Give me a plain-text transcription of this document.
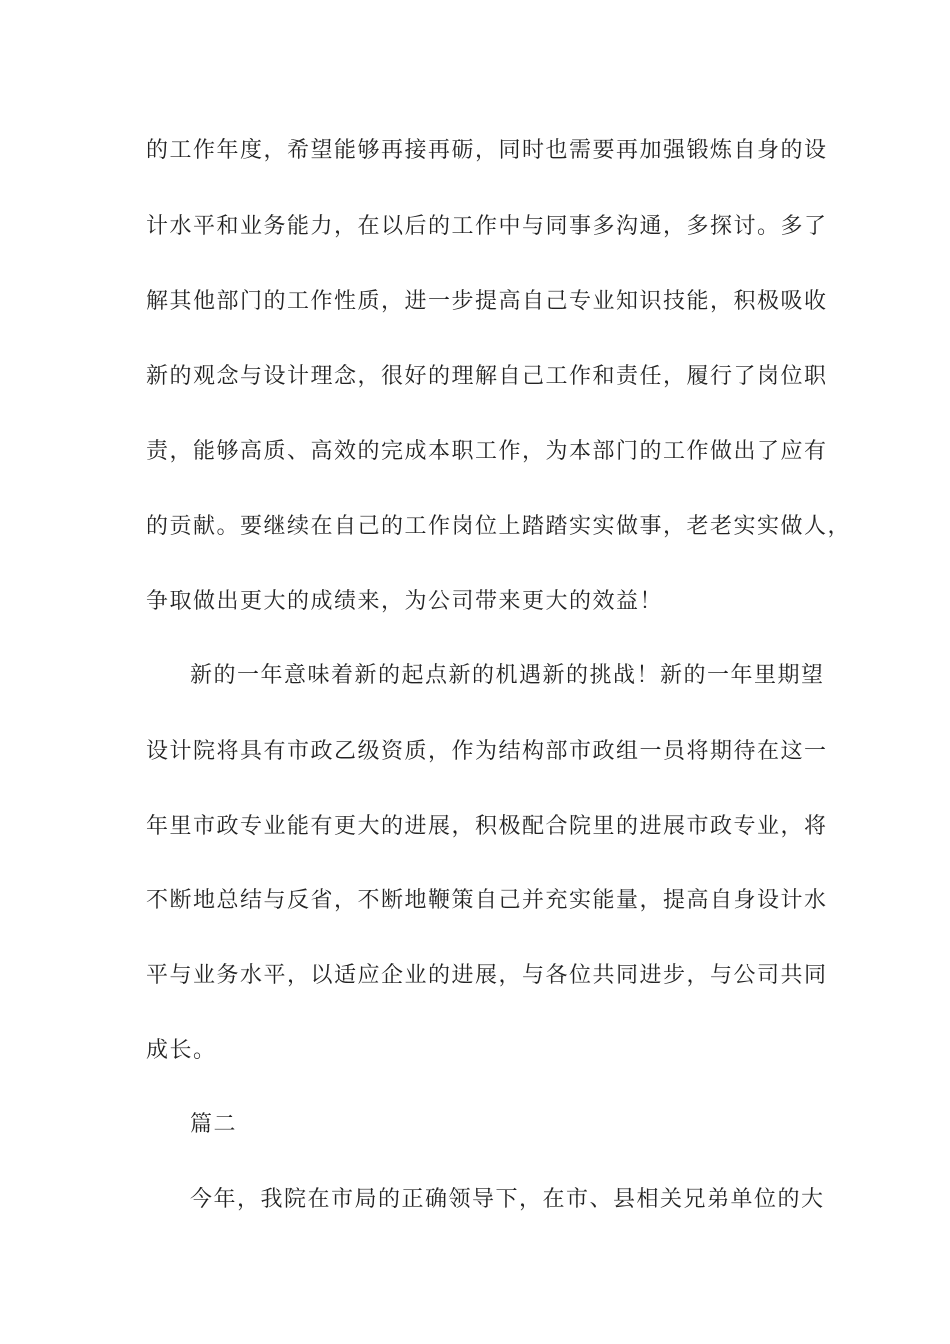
的工作年度，希望能够再接再砺，同时也需要再加强锻炼自身的设
计水平和业务能力，在以后的工作中与同事多沟通，多探讨。多了
解其他部门的工作性质，进一步提高自己专业知识技能，积极吸收
新的观念与设计理念，很好的理解自己工作和责任，履行了岗位职
责，能够高质、高效的完成本职工作，为本部门的工作做出了应有
的贡献。要继续在自己的工作岗位上踏踏实实做事，老老实实做人，
争取做出更大的成绩来，为公司带来更大的效益！
新的一年意味着新的起点新的机遇新的挑战！新的一年里期望
设计院将具有市政乙级资质，作为结构部市政组一员将期待在这一
年里市政专业能有更大的进展，积极配合院里的进展市政专业，将
不断地总结与反省，不断地鞭策自己并充实能量，提高自身设计水
平与业务水平，以适应企业的进展，与各位共同进步，与公司共同
成长。
篇二
今年，我院在市局的正确领导下，在市、县相关兄弟单位的大
